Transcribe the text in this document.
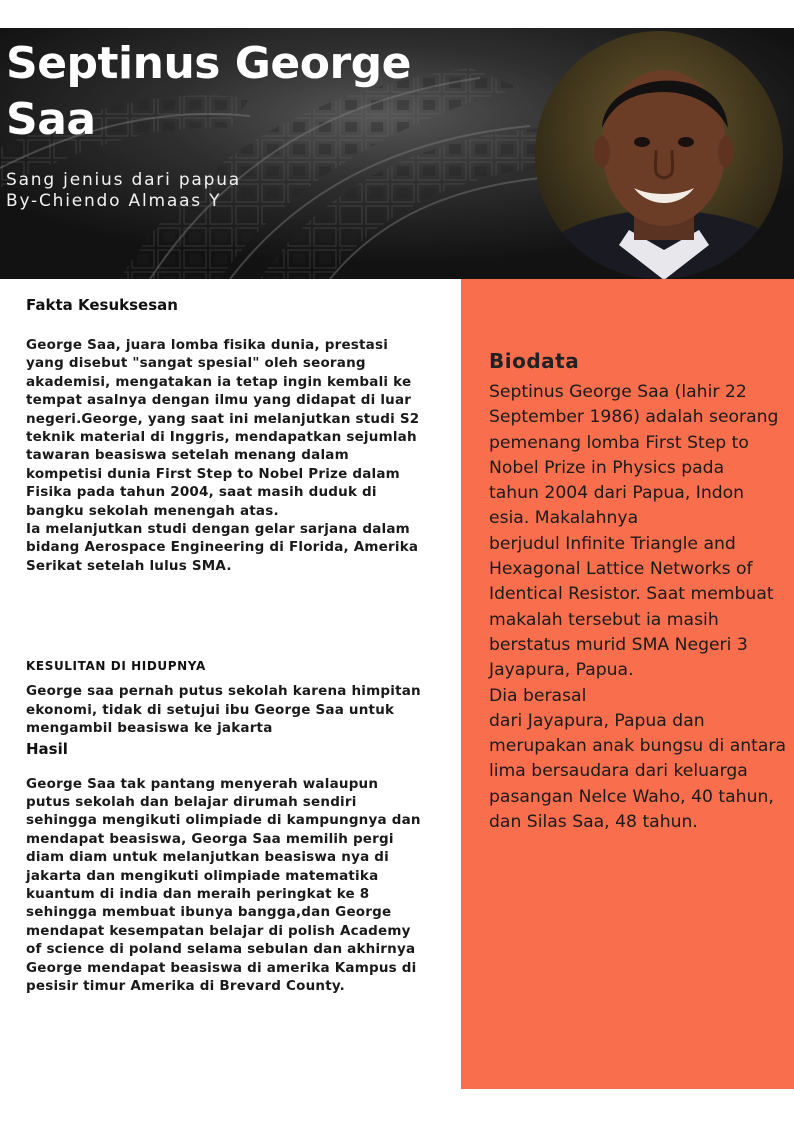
Septinus George Saa
Sang jenius dari papua
By-Chiendo Almaas Y
Fakta Kesuksesan

George Saa, juara lomba fisika dunia, prestasi yang disebut "sangat spesial" oleh seorang akademisi, mengatakan ia tetap ingin kembali ke tempat asalnya dengan ilmu yang didapat di luar negeri.George, yang saat ini melanjutkan studi S2 teknik material di Inggris, mendapatkan sejumlah tawaran beasiswa setelah menang dalam kompetisi dunia First Step to Nobel Prize dalam Fisika pada tahun 2004, saat masih duduk di bangku sekolah menengah atas.

Ia melanjutkan studi dengan gelar sarjana dalam bidang Aerospace Engineering di Florida, Amerika Serikat setelah lulus SMA.

KESULITAN DI HIDUPNYA
George saa pernah putus sekolah karena himpitan ekonomi, tidak di setujui ibu George Saa untuk mengambil beasiswa ke jakarta
Hasil
George Saa tak pantang menyerah walaupun putus sekolah dan belajar dirumah sendiri sehingga mengikuti olimpiade di kampungnya dan mendapat beasiswa, Georga Saa memilih pergi diam diam untuk melanjutkan beasiswa nya di jakarta dan mengikuti olimpiade matematika kuantum di india dan meraih peringkat ke 8 sehingga membuat ibunya bangga,dan George mendapat kesempatan belajar di polish Academy of science di poland selama sebulan dan akhirnya George mendapat beasiswa di amerika Kampus di pesisir timur Amerika di Brevard County.
Biodata
Septinus George Saa (lahir 22 September 1986) adalah seorang pemenang lomba First Step to Nobel Prize in Physics pada
tahun 2004 dari Papua, Indon esia. Makalahnya
berjudul Infinite Triangle and Hexagonal Lattice Networks of Identical Resistor. Saat membuat makalah tersebut ia masih berstatus murid SMA Negeri 3 Jayapura, Papua.
Dia berasal
dari Jayapura, Papua dan merupakan anak bungsu di antara lima bersaudara dari keluarga pasangan Nelce Waho, 40 tahun, dan Silas Saa, 48 tahun.
